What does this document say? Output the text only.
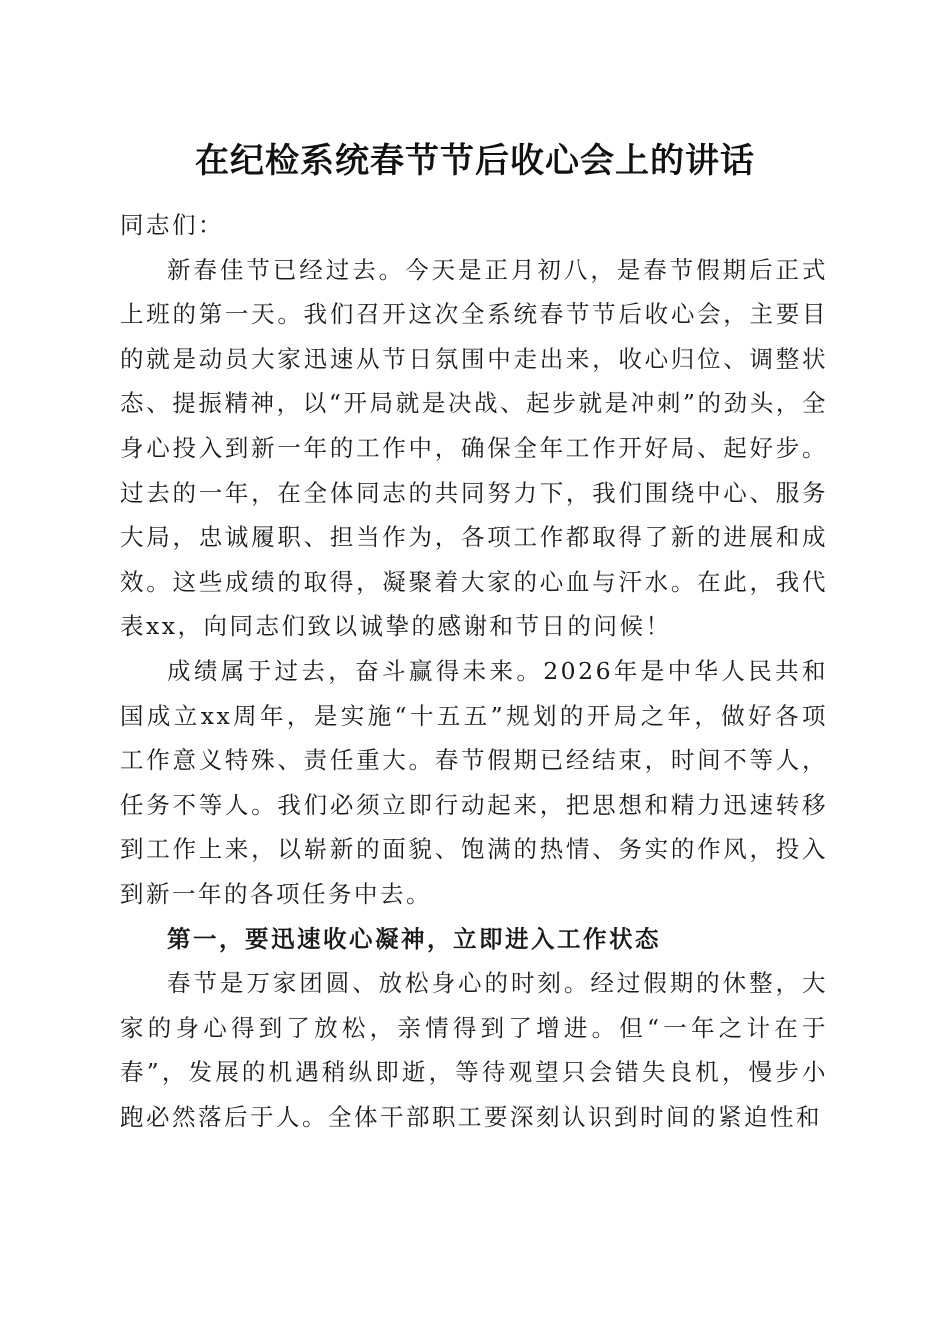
在纪检系统春节节后收心会上的讲话

同志们：

新春佳节已经过去。今天是正月初八，是春节假期后正式上班的第一天。我们召开这次全系统春节节后收心会，主要目的就是动员大家迅速从节日氛围中走出来，收心归位、调整状态、提振精神，以“开局就是决战、起步就是冲刺”的劲头，全身心投入到新一年的工作中，确保全年工作开好局、起好步。过去的一年，在全体同志的共同努力下，我们围绕中心、服务大局，忠诚履职、担当作为，各项工作都取得了新的进展和成效。这些成绩的取得，凝聚着大家的心血与汗水。在此，我代表xx，向同志们致以诚挚的感谢和节日的问候！

成绩属于过去，奋斗赢得未来。2026年是中华人民共和国成立xx周年，是实施“十五五”规划的开局之年，做好各项工作意义特殊、责任重大。春节假期已经结束，时间不等人，任务不等人。我们必须立即行动起来，把思想和精力迅速转移到工作上来，以崭新的面貌、饱满的热情、务实的作风，投入到新一年的各项任务中去。

第一，要迅速收心凝神，立即进入工作状态

春节是万家团圆、放松身心的时刻。经过假期的休整，大家的身心得到了放松，亲情得到了增进。但“一年之计在于春”，发展的机遇稍纵即逝，等待观望只会错失良机，慢步小跑必然落后于人。全体干部职工要深刻认识到时间的紧迫性和
